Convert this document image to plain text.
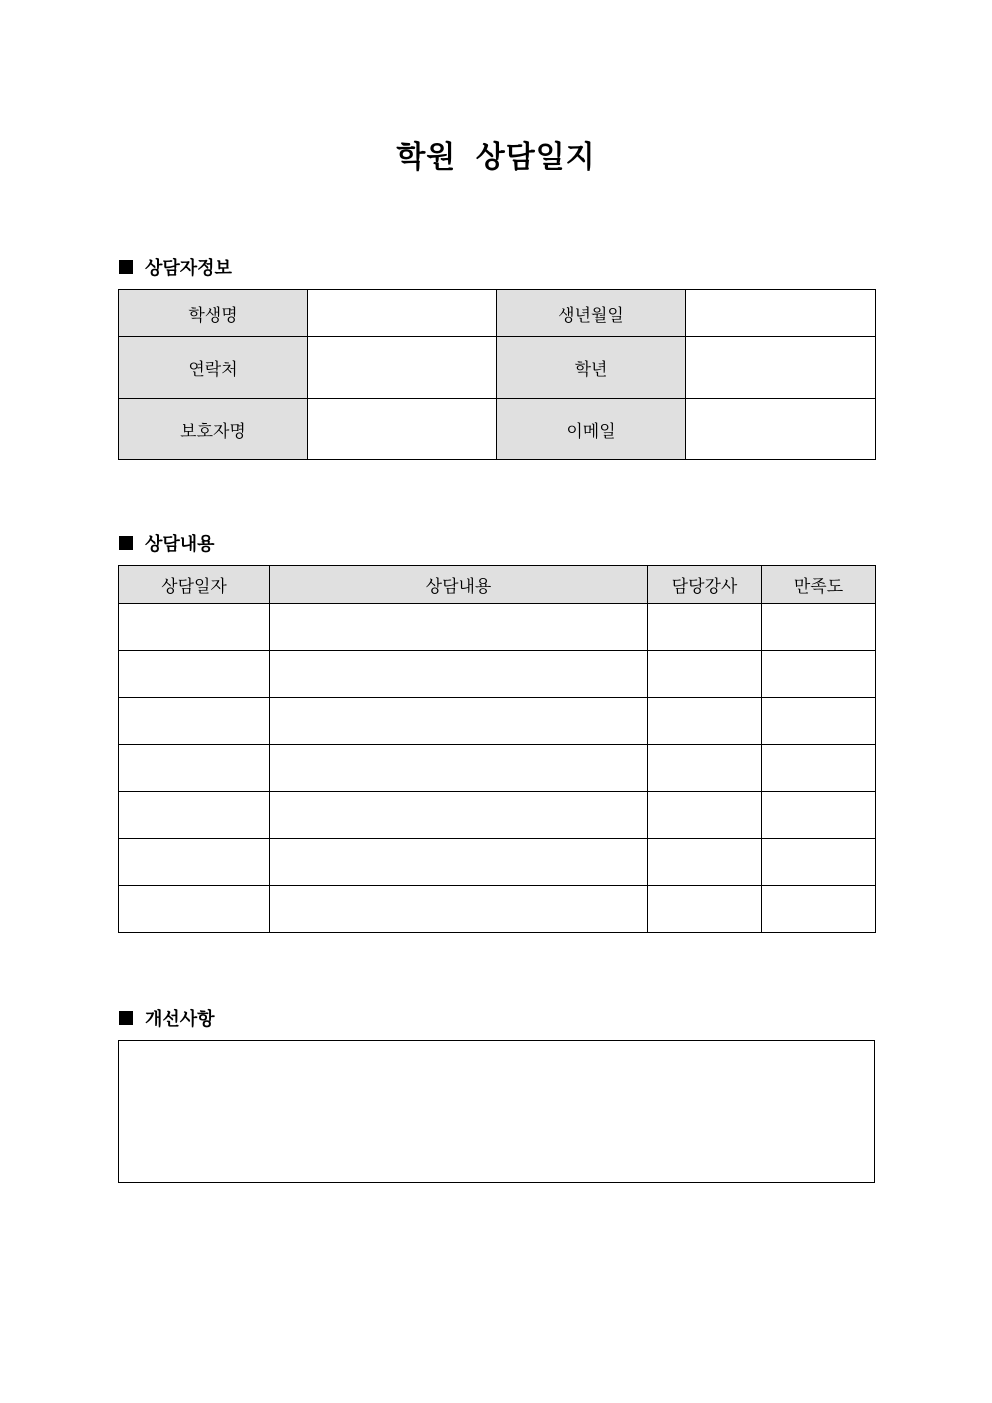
학원 상담일지
상담자정보
학생명		생년월일	
연락처		학년	
보호자명		이메일	
상담내용
상담일자	상담내용	담당강사	만족도

개선사항
